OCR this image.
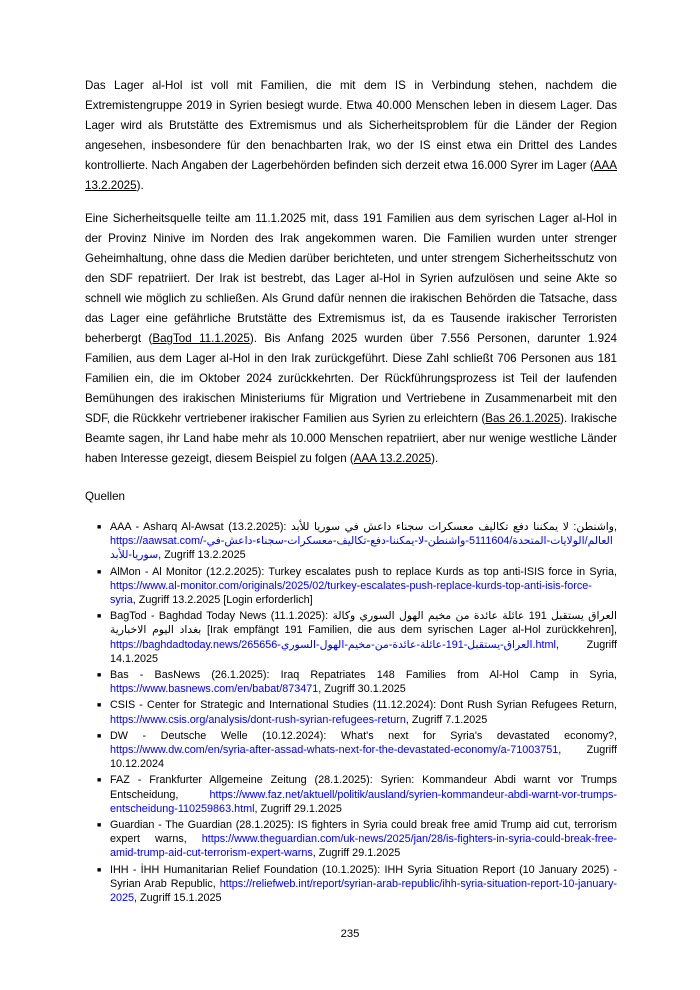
Das Lager al-Hol ist voll mit Familien, die mit dem IS in Verbindung stehen, nachdem die Extremistengruppe 2019 in Syrien besiegt wurde. Etwa 40.000 Menschen leben in diesem Lager. Das Lager wird als Brutstätte des Extremismus und als Sicherheitsproblem für die Länder der Region angesehen, insbesondere für den benachbarten Irak, wo der IS einst etwa ein Drittel des Landes kontrollierte. Nach Angaben der Lagerbehörden befinden sich derzeit etwa 16.000 Syrer im Lager (AAA 13.2.2025).

Eine Sicherheitsquelle teilte am 11.1.2025 mit, dass 191 Familien aus dem syrischen Lager al-Hol in der Provinz Ninive im Norden des Irak angekommen waren. Die Familien wurden unter strenger Geheimhaltung, ohne dass die Medien darüber berichteten, und unter strengem Sicherheitsschutz von den SDF repatriiert. Der Irak ist bestrebt, das Lager al-Hol in Syrien aufzulösen und seine Akte so schnell wie möglich zu schließen. Als Grund dafür nennen die irakischen Behörden die Tatsache, dass das Lager eine gefährliche Brutstätte des Extremismus ist, da es Tausende irakischer Terroristen beherbergt (BagTod 11.1.2025). Bis Anfang 2025 wurden über 7.556 Personen, darunter 1.924 Familien, aus dem Lager al-Hol in den Irak zurückgeführt. Diese Zahl schließt 706 Personen aus 181 Familien ein, die im Oktober 2024 zurückkehrten. Der Rückführungsprozess ist Teil der laufenden Bemühungen des irakischen Ministeriums für Migration und Vertriebene in Zusammenarbeit mit den SDF, die Rückkehr vertriebener irakischer Familien aus Syrien zu erleichtern (Bas 26.1.2025). Irakische Beamte sagen, ihr Land habe mehr als 10.000 Menschen repatriiert, aber nur wenige westliche Länder haben Interesse gezeigt, diesem Beispiel zu folgen (AAA 13.2.2025).

Quellen
■ AAA - Asharq Al-Awsat (13.2.2025): واشنطن: لا يمكننا دفع تكاليف معسكرات سجناء داعش في سوريا للأبد, https://aawsat.com/العالم/الولايات-المتحدة/5111604-واشنطن-لا-يمكننا-دفع-تكاليف-معسكرات-سجناء-داعش-في-سوريا-للأبد, Zugriff 13.2.2025
■ AlMon - Al Monitor (12.2.2025): Turkey escalates push to replace Kurds as top anti-ISIS force in Syria, https://www.al-monitor.com/originals/2025/02/turkey-escalates-push-replace-kurds-top-anti-isis-force-syria, Zugriff 13.2.2025 [Login erforderlich]
■ BagTod - Baghdad Today News (11.1.2025): العراق يستقبل 191 عائلة عائدة من مخيم الهول السوري وكالة بغداد اليوم الاخبارية [Irak empfängt 191 Familien, die aus dem syrischen Lager al-Hol zurückkehren], https://baghdadtoday.news/265656-العراق-يستقبل-191-عائلة-عائدة-من-مخيم-الهول-السوري.html, Zugriff 14.1.2025
■ Bas - BasNews (26.1.2025): Iraq Repatriates 148 Families from Al-Hol Camp in Syria, https://www.basnews.com/en/babat/873471, Zugriff 30.1.2025
■ CSIS - Center for Strategic and International Studies (11.12.2024): Dont Rush Syrian Refugees Return, https://www.csis.org/analysis/dont-rush-syrian-refugees-return, Zugriff 7.1.2025
■ DW - Deutsche Welle (10.12.2024): What's next for Syria's devastated economy?, https://www.dw.com/en/syria-after-assad-whats-next-for-the-devastated-economy/a-71003751, Zugriff 10.12.2024
■ FAZ - Frankfurter Allgemeine Zeitung (28.1.2025): Syrien: Kommandeur Abdi warnt vor Trumps Entscheidung, https://www.faz.net/aktuell/politik/ausland/syrien-kommandeur-abdi-warnt-vor-trumps-entscheidung-110259863.html, Zugriff 29.1.2025
■ Guardian - The Guardian (28.1.2025): IS fighters in Syria could break free amid Trump aid cut, terrorism expert warns, https://www.theguardian.com/uk-news/2025/jan/28/is-fighters-in-syria-could-break-free-amid-trump-aid-cut-terrorism-expert-warns, Zugriff 29.1.2025
■ IHH - İHH Humanitarian Relief Foundation (10.1.2025): IHH Syria Situation Report (10 January 2025) - Syrian Arab Republic, https://reliefweb.int/report/syrian-arab-republic/ihh-syria-situation-report-10-january-2025, Zugriff 15.1.2025
235
